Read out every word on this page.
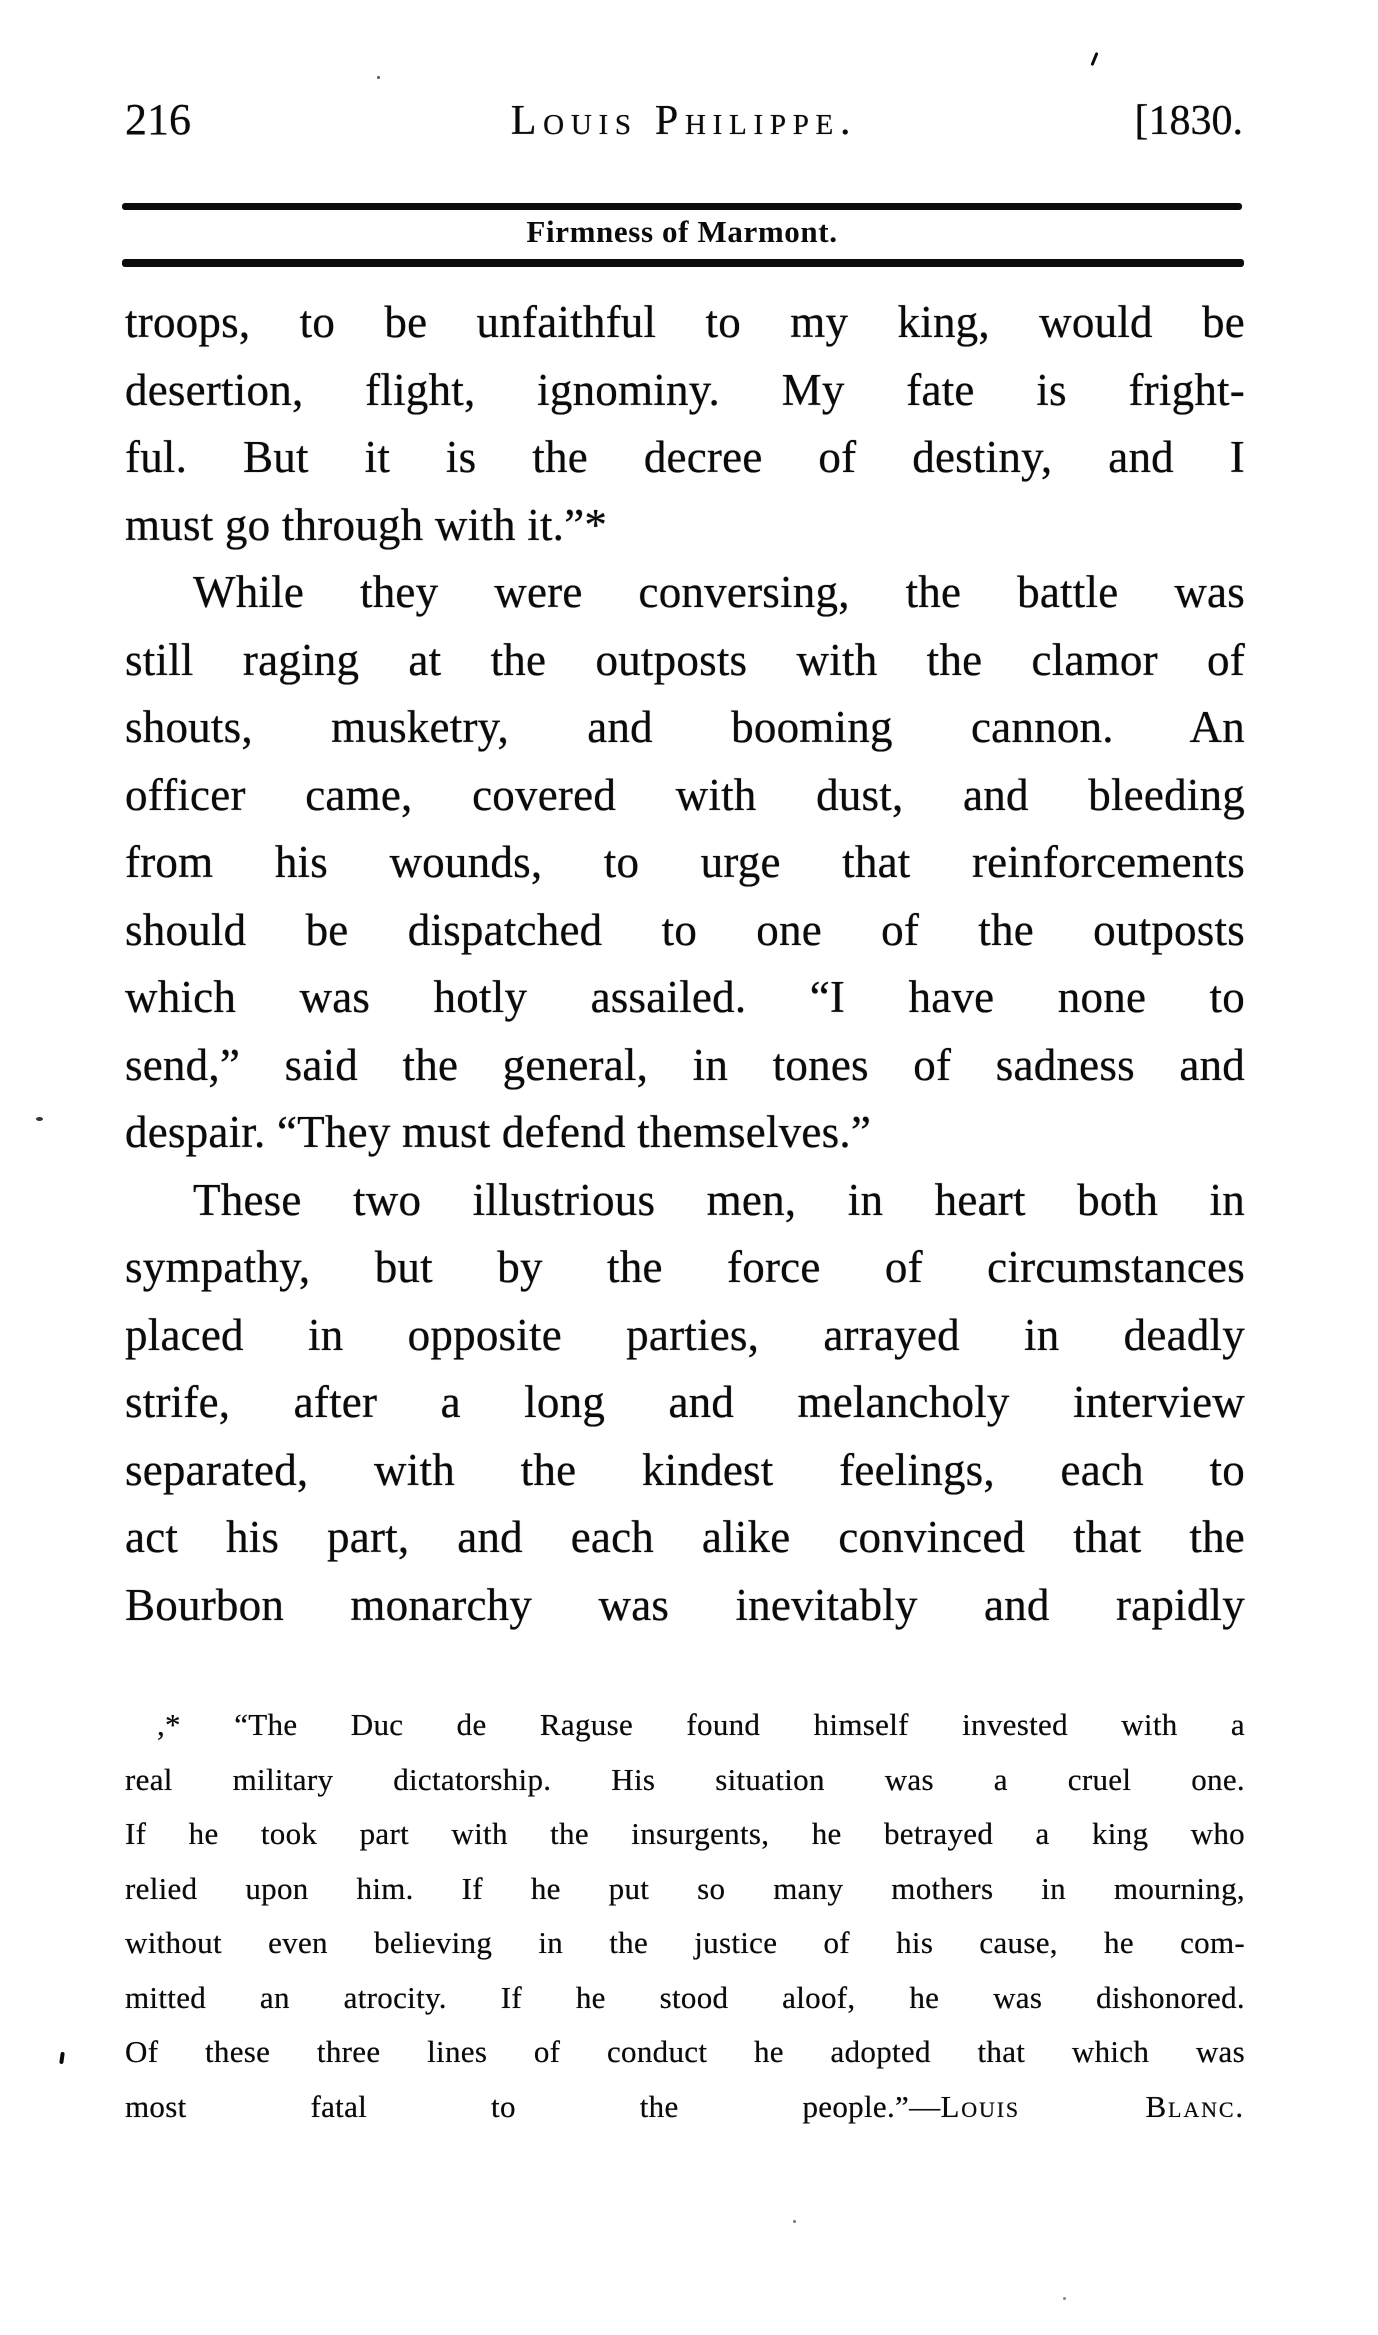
216	Louis Philippe.	[1830.
Firmness of Marmont.
troops, to be unfaithful to my king, would be
desertion, flight, ignominy. My fate is fright-
ful. But it is the decree of destiny, and I
must go through with it.”*
While they were conversing, the battle was
still raging at the outposts with the clamor of
shouts, musketry, and booming cannon. An
officer came, covered with dust, and bleeding
from his wounds, to urge that reinforcements
should be dispatched to one of the outposts
which was hotly assailed. “I have none to
send,” said the general, in tones of sadness and
despair. “They must defend themselves.”
These two illustrious men, in heart both in
sympathy, but by the force of circumstances
placed in opposite parties, arrayed in deadly
strife, after a long and melancholy interview
separated, with the kindest feelings, each to
act his part, and each alike convinced that the
Bourbon monarchy was inevitably and rapidly
,* “The Duc de Raguse found himself invested with a
real military dictatorship. His situation was a cruel one.
If he took part with the insurgents, he betrayed a king who
relied upon him. If he put so many mothers in mourning,
without even believing in the justice of his cause, he com-
mitted an atrocity. If he stood aloof, he was dishonored.
Of these three lines of conduct he adopted that which was
most fatal to the people.”—Louis Blanc.
